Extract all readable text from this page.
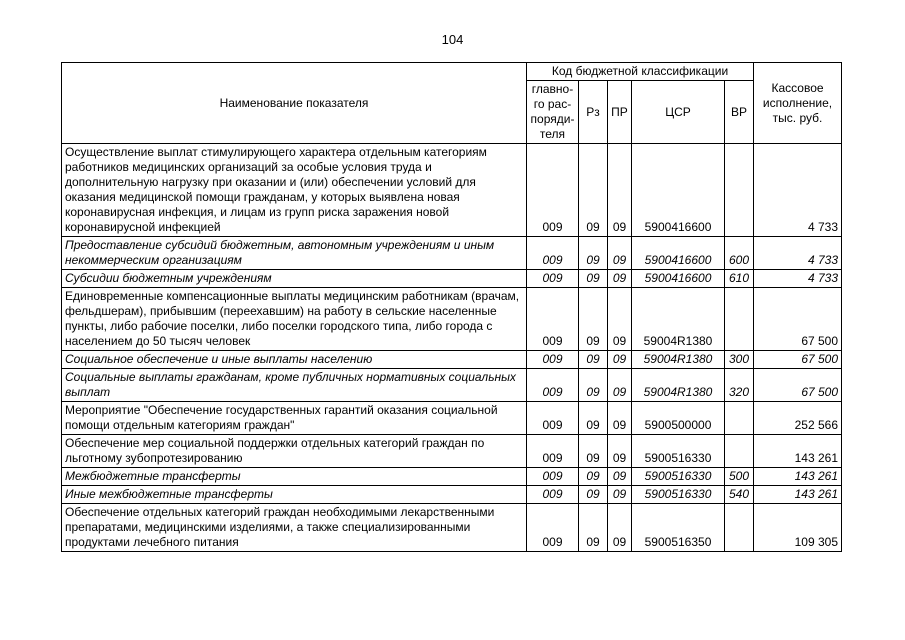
104
Наименование показателя	Код бюджетной классификации					Кассовое исполнение, тыс. руб.
	главно-го рас-поряди-теля	Рз	ПР	ЦСР	ВР	
Осуществление выплат стимулирующего характера отдельным категориям работников медицинских организаций за особые условия труда и дополнительную нагрузку при оказании и (или) обеспечении условий для оказания медицинской помощи гражданам, у которых выявлена новая коронавирусная инфекция, и лицам из групп риска заражения новой коронавирусной инфекцией	009	09	09	5900416600		4 733
Предоставление субсидий бюджетным, автономным учреждениям и иным некоммерческим организациям	009	09	09	5900416600	600	4 733
Субсидии бюджетным учреждениям	009	09	09	5900416600	610	4 733
Единовременные компенсационные выплаты медицинским работникам (врачам, фельдшерам), прибывшим (переехавшим) на работу в сельские населенные пункты, либо рабочие поселки, либо поселки городского типа, либо города с населением до 50 тысяч человек	009	09	09	59004R1380		67 500
Социальное обеспечение и иные выплаты населению	009	09	09	59004R1380	300	67 500
Социальные выплаты гражданам, кроме публичных нормативных социальных выплат	009	09	09	59004R1380	320	67 500
Мероприятие "Обеспечение государственных гарантий оказания социальной помощи отдельным категориям граждан"	009	09	09	5900500000		252 566
Обеспечение мер социальной поддержки отдельных категорий граждан по льготному зубопротезированию	009	09	09	5900516330		143 261
Межбюджетные трансферты	009	09	09	5900516330	500	143 261
Иные межбюджетные трансферты	009	09	09	5900516330	540	143 261
Обеспечение отдельных категорий граждан необходимыми лекарственными препаратами, медицинскими изделиями, а также специализированными продуктами лечебного питания	009	09	09	5900516350		109 305
